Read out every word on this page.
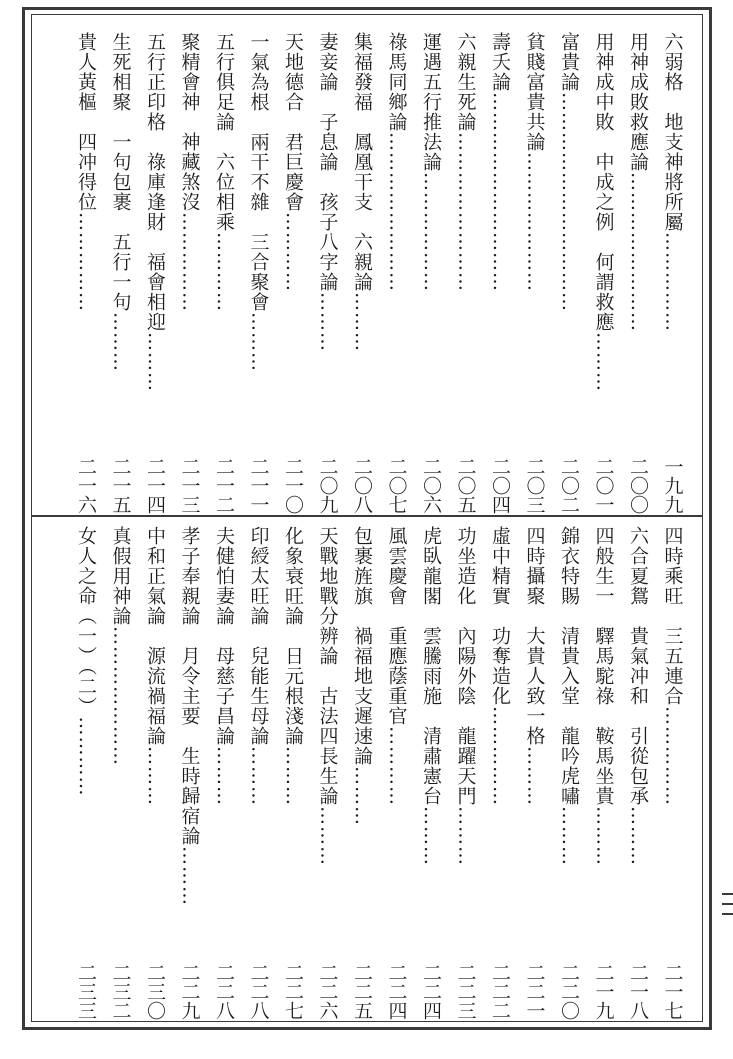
六弱格　地支神將所屬……………
一九九
用神成敗救應論……………………
二〇〇
用神成中敗　中成之例　何謂救應………
二〇一
富貴論……………………………
二〇二
貧賤富貴共論…………………
二〇三
壽夭論…………………………
二〇四
六親生死論……………………
二〇五
運遇五行推法論………………
二〇六
祿馬同鄉論……………………
二〇七
集福發福　鳳凰干支　六親論………
二〇八
妻妾論　子息論　孩子八字論………
二〇九
天地德合　君巨慶會…………
二一〇
一氣為根　兩干不雜　三合聚會………
二一一
五行俱足論　六位相乘…………
二一二
聚精會神　神藏煞沒……………
二一三
五行正印格　祿庫逢財　福會相迎………
二一四
生死相聚　一句包裹　五行一句………
二一五
貴人黃樞　四冲得位……………
二一六
四時乘旺　三五連合……………
二一七
六合夏鴛　貴氣冲和　引從包承………
二一八
四般生一　驛馬駝祿　鞍馬坐貴………
二一九
錦衣特賜　清貴入堂　龍吟虎嘯………
二二〇
四時攝聚　大貴人致一格………
二二一
虛中精實　功奪造化……………
二二二
功坐造化　內陽外陰　龍躍天門………
二二三
虎臥龍閣　雲騰雨施　清肅憲台………
二二四
風雲慶會　重應蔭重官…………
二二四
包裹旌旗　禍福地支遲速論………
二二五
天戰地戰分辨論　古法四長生論………
二二六
化象衰旺論　日元根淺論………
二二七
印綬太旺論　兒能生母論………
二二八
夫健怕妻論　母慈子昌論………
二二八
孝子奉親論　月令主要　生時歸宿論………
二二九
中和正氣論　源流禍福論………
二三〇
真假用神論…………………
二三二
女人之命（一）（二）…………
二三三
